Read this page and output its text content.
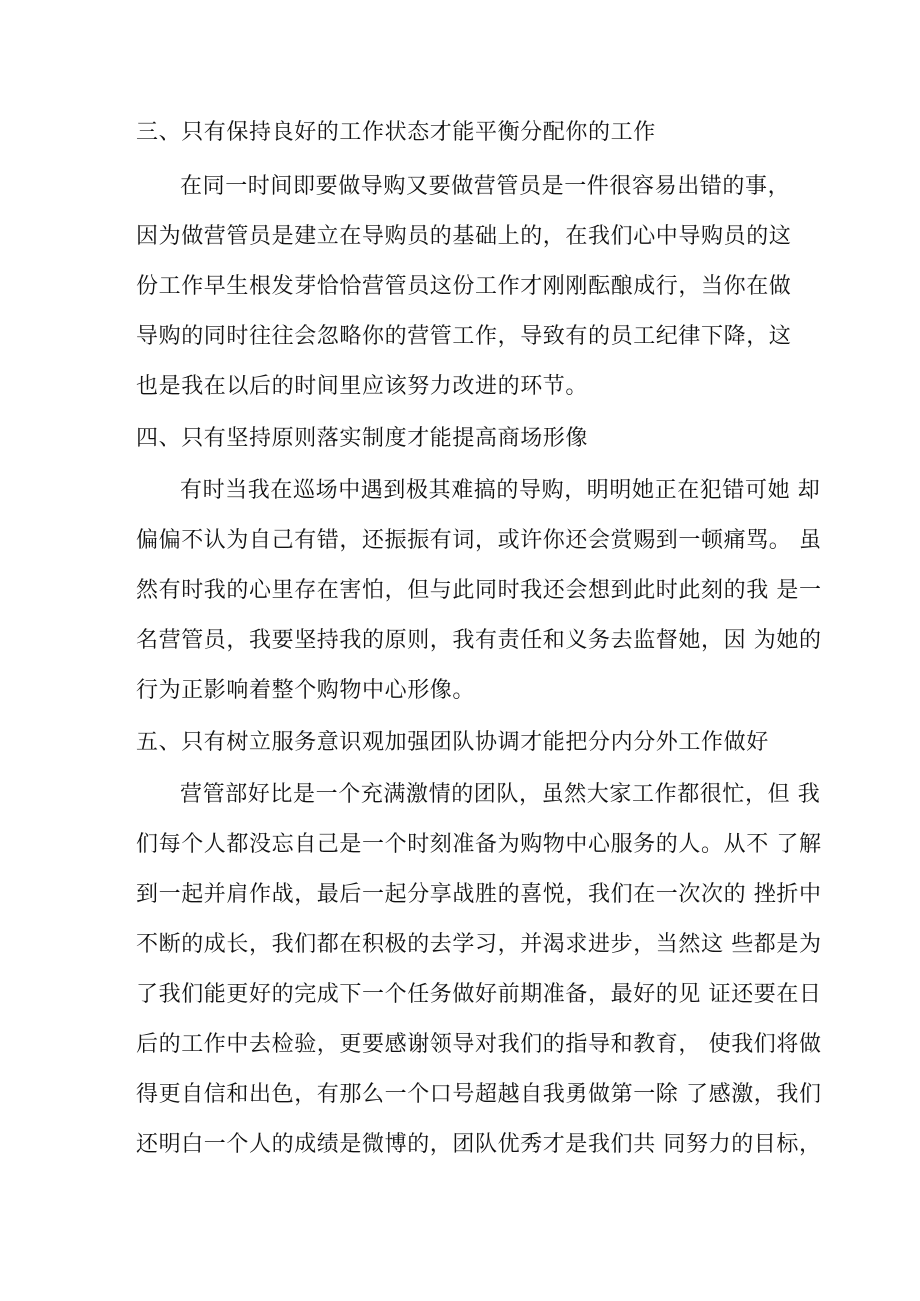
三、只有保持良好的工作状态才能平衡分配你的工作
在同一时间即要做导购又要做营管员是一件很容易出错的事，
因为做营管员是建立在导购员的基础上的，在我们心中导购员的这
份工作早生根发芽恰恰营管员这份工作才刚刚酝酿成行，当你在做
导购的同时往往会忽略你的营管工作，导致有的员工纪律下降，这
也是我在以后的时间里应该努力改进的环节。
四、只有坚持原则落实制度才能提高商场形像
有时当我在巡场中遇到极其难搞的导购，明明她正在犯错可她 却
偏偏不认为自己有错，还振振有词，或许你还会赏赐到一顿痛骂。 虽
然有时我的心里存在害怕，但与此同时我还会想到此时此刻的我 是一
名营管员，我要坚持我的原则，我有责任和义务去监督她，因 为她的
行为正影响着整个购物中心形像。
五、只有树立服务意识观加强团队协调才能把分内分外工作做好
营管部好比是一个充满激情的团队，虽然大家工作都很忙，但 我
们每个人都没忘自己是一个时刻准备为购物中心服务的人。从不 了解
到一起并肩作战，最后一起分享战胜的喜悦，我们在一次次的 挫折中
不断的成长，我们都在积极的去学习，并渴求进步，当然这 些都是为
了我们能更好的完成下一个任务做好前期准备，最好的见 证还要在日
后的工作中去检验，更要感谢领导对我们的指导和教育， 使我们将做
得更自信和出色，有那么一个口号超越自我勇做第一除 了感激，我们
还明白一个人的成绩是微博的，团队优秀才是我们共 同努力的目标，
